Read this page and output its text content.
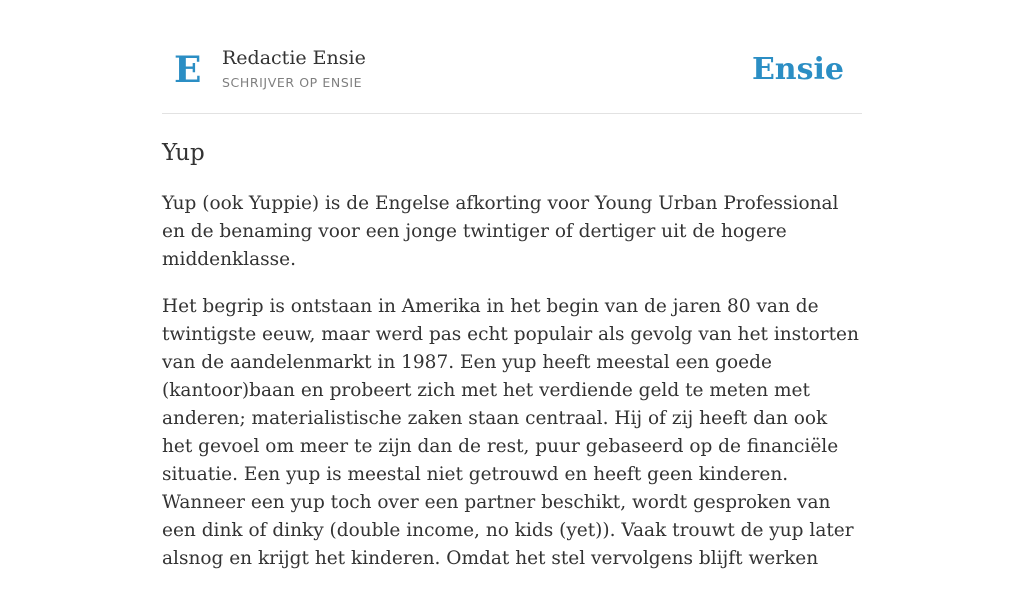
E Redactie Ensie
SCHRIJVER OP ENSIE	Ensie
Yup

Yup (ook Yuppie) is de Engelse afkorting voor Young Urban Professional en de benaming voor een jonge twintiger of dertiger uit de hogere middenklasse.

Het begrip is ontstaan in Amerika in het begin van de jaren 80 van de twintigste eeuw, maar werd pas echt populair als gevolg van het instorten van de aandelenmarkt in 1987. Een yup heeft meestal een goede (kantoor)baan en probeert zich met het verdiende geld te meten met anderen; materialistische zaken staan centraal. Hij of zij heeft dan ook het gevoel om meer te zijn dan de rest, puur gebaseerd op de financiële situatie. Een yup is meestal niet getrouwd en heeft geen kinderen. Wanneer een yup toch over een partner beschikt, wordt gesproken van een dink of dinky (double income, no kids (yet)). Vaak trouwt de yup later alsnog en krijgt het kinderen. Omdat het stel vervolgens blijft werken
